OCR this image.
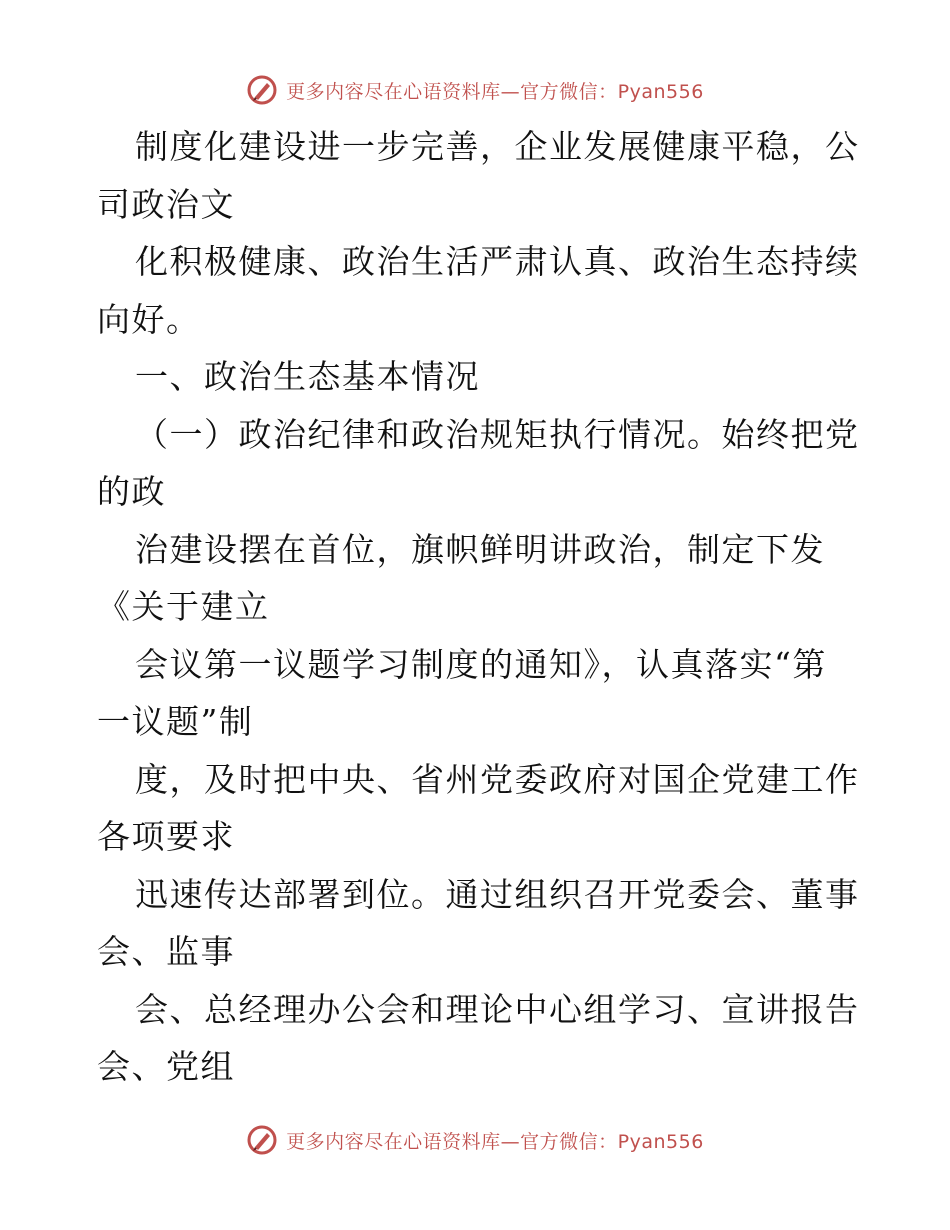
更多内容尽在心语资料库—官方微信：Pyan556
制度化建设进一步完善，企业发展健康平稳，公
司政治文
化积极健康、政治生活严肃认真、政治生态持续
向好。
一、政治生态基本情况
（一）政治纪律和政治规矩执行情况。始终把党
的政
治建设摆在首位，旗帜鲜明讲政治，制定下发
《关于建立
会议第一议题学习制度的通知》，认真落实“第
一议题”制
度，及时把中央、省州党委政府对国企党建工作
各项要求
迅速传达部署到位。通过组织召开党委会、董事
会、监事
会、总经理办公会和理论中心组学习、宣讲报告
会、党组
更多内容尽在心语资料库—官方微信：Pyan556
